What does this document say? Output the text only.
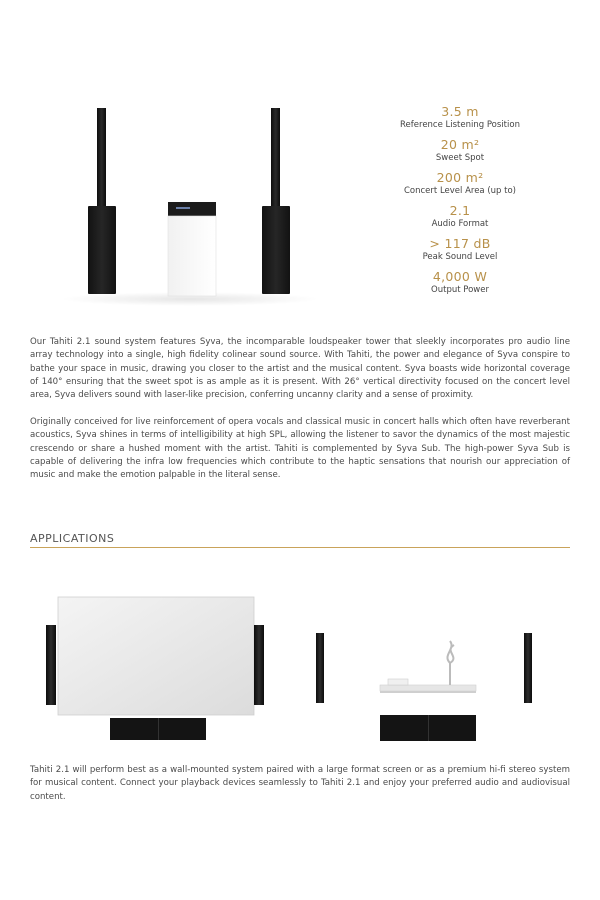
3.5 m
Reference Listening Position
20 m²
Sweet Spot
200 m²
Concert Level Area (up to)
2.1
Audio Format
> 117 dB
Peak Sound Level
4,000 W
Output Power

Our Tahiti 2.1 sound system features Syva, the incomparable loudspeaker tower that sleekly incorporates pro audio line array technology into a single, high fidelity colinear sound source. With Tahiti, the power and elegance of Syva conspire to bathe your space in music, drawing you closer to the artist and the musical content. Syva boasts wide horizontal coverage of 140° ensuring that the sweet spot is as ample as it is present. With 26° vertical directivity focused on the concert level area, Syva delivers sound with laser-like precision, conferring uncanny clarity and a sense of proximity.

Originally conceived for live reinforcement of opera vocals and classical music in concert halls which often have reverberant acoustics, Syva shines in terms of intelligibility at high SPL, allowing the listener to savor the dynamics of the most majestic crescendo or share a hushed moment with the artist. Tahiti is complemented by Syva Sub. The high-power Syva Sub is capable of delivering the infra low frequencies which contribute to the haptic sensations that nourish our appreciation of music and make the emotion palpable in the literal sense.

APPLICATIONS

Tahiti 2.1 will perform best as a wall-mounted system paired with a large format screen or as a premium hi-fi stereo system for musical content. Connect your playback devices seamlessly to Tahiti 2.1 and enjoy your preferred audio and audiovisual content.
